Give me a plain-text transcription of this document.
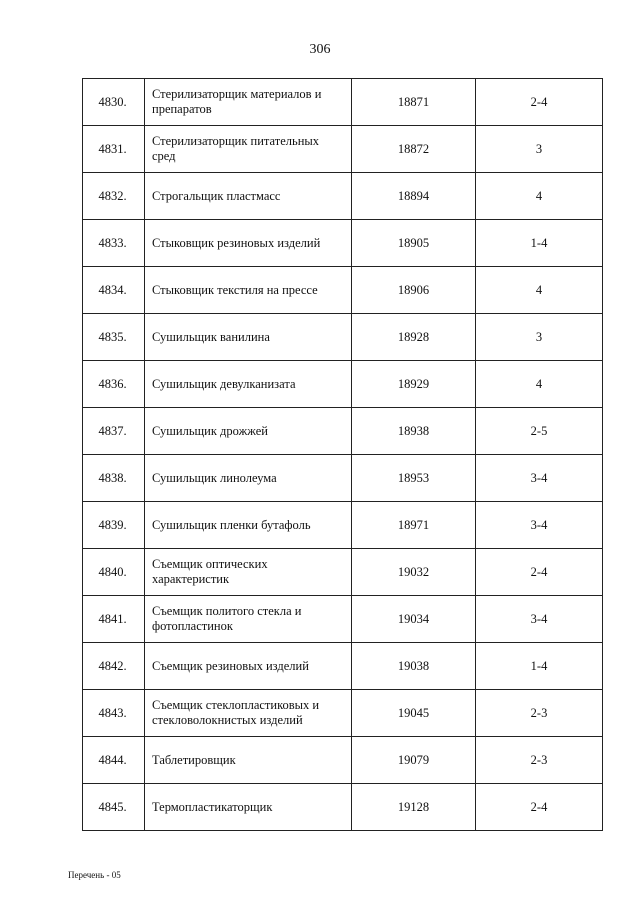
306
4830.	Стерилизаторщик материалов и препаратов	18871	2-4
4831.	Стерилизаторщик питательных сред	18872	3
4832.	Строгальщик пластмасс	18894	4
4833.	Стыковщик резиновых изделий	18905	1-4
4834.	Стыковщик текстиля на прессе	18906	4
4835.	Сушильщик ванилина	18928	3
4836.	Сушильщик девулканизата	18929	4
4837.	Сушильщик дрожжей	18938	2-5
4838.	Сушильщик линолеума	18953	3-4
4839.	Сушильщик пленки бутафоль	18971	3-4
4840.	Съемщик оптических характеристик	19032	2-4
4841.	Съемщик политого стекла и фотопластинок	19034	3-4
4842.	Съемщик резиновых изделий	19038	1-4
4843.	Съемщик стеклопластиковых и стекловолокнистых изделий	19045	2-3
4844.	Таблетировщик	19079	2-3
4845.	Термопластикаторщик	19128	2-4
Перечень - 05
